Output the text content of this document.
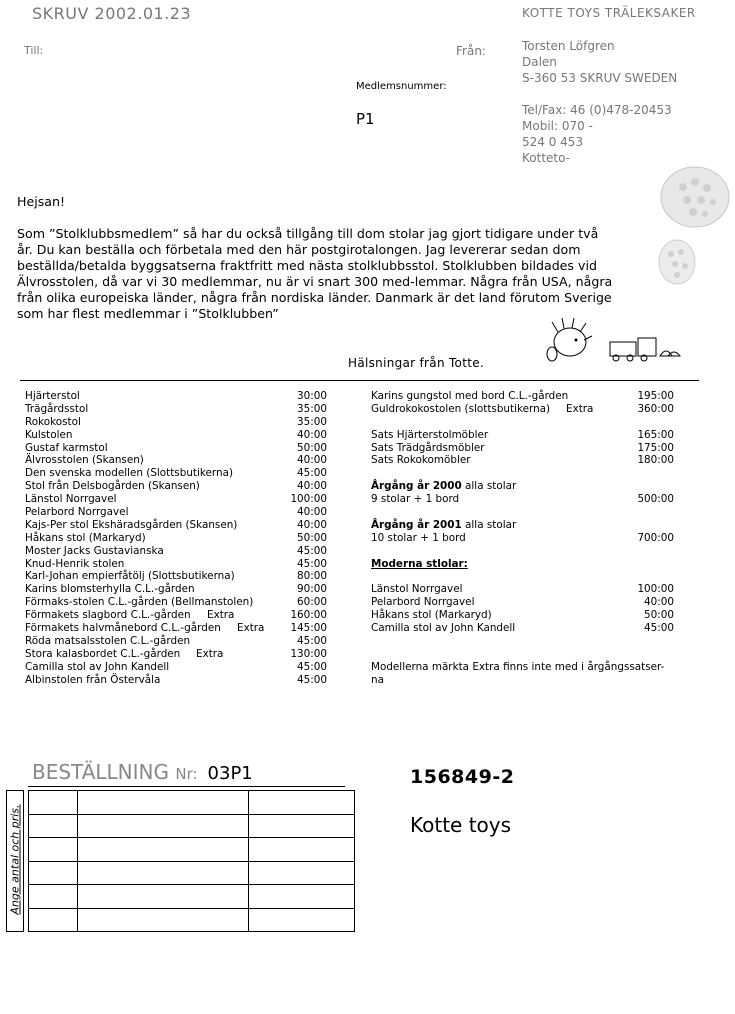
SKRUV 2002.01.23	KOTTE TOYS TRÄLEKSAKER
Till:	Från:	Torsten Löfgren
Dalen
S-360 53 SKRUV SWEDEN
Tel/Fax: 46 (0)478-20453
Mobil: 070 -
524 0 453
Kotteto-
Medlemsnummer:
P1

Hejsan!

Som ”Stolklubbsmedlem” så har du också tillgång till dom stolar jag gjort tidigare under två år. Du kan beställa och förbetala med den här postgirotalongen. Jag levererar sedan dom beställda/betalda byggsatserna fraktfritt med nästa stolklubbsstol. Stolklubben bildades vid Älvrosstolen, då var vi 30 medlemmar, nu är vi snart 300 med-lemmar. Några från USA, några från olika europeiska länder, några från nordiska länder. Danmark är det land förutom Sverige som har flest medlemmar i ”Stolklubben”

Hälsningar från Totte.
Hjärterstol	30:00
Trägårdsstol	35:00
Rokokostol	35:00
Kulstolen	40:00
Gustaf karmstol	50:00
Älvrosstolen (Skansen)	40:00
Den svenska modellen (Slottsbutikerna)	45:00
Stol från Delsbogården (Skansen)	40:00
Länstol Norrgavel	100:00
Pelarbord Norrgavel	40:00
Kajs-Per stol Ekshäradsgården (Skansen)	40:00
Håkans stol (Markaryd)	50:00
Moster Jacks Gustavianska	45:00
Knud-Henrik stolen	45:00
Karl-Johan empierfåtölj (Slottsbutikerna)	80:00
Karins blomsterhylla C.L.-gården	90:00
Förmaks-stolen C.L.-gården (Bellmanstolen)	60:00
Förmakets slagbord C.L.-gården Extra	160:00
Förmakets halvmånebord C.L.-gården Extra	145:00
Röda matsalsstolen C.L.-gården	45:00
Stora kalasbordet C.L.-gården Extra	130:00
Camilla stol av John Kandell	45:00
Albinstolen från Östervåla	45:00
Karins gungstol med bord C.L.-gården	195:00
Guldrokokostolen (slottsbutikerna) Extra	360:00
Sats Hjärterstolmöbler	165:00
Sats Trädgårdsmöbler	175:00
Sats Rokokomöbler	180:00
Årgång år 2000 alla stolar
9 stolar + 1 bord	500:00
Årgång år 2001 alla stolar
10 stolar + 1 bord	700:00
Moderna stlolar:
Länstol Norrgavel	100:00
Pelarbord Norrgavel	40:00
Håkans stol (Markaryd)	50:00
Camilla stol av John Kandell	45:00
Modellerna märkta Extra finns inte med i årgångssatser-
na
BESTÄLLNING Nr: 03P1
Ange antal och pris.

156849-2
Kotte toys
